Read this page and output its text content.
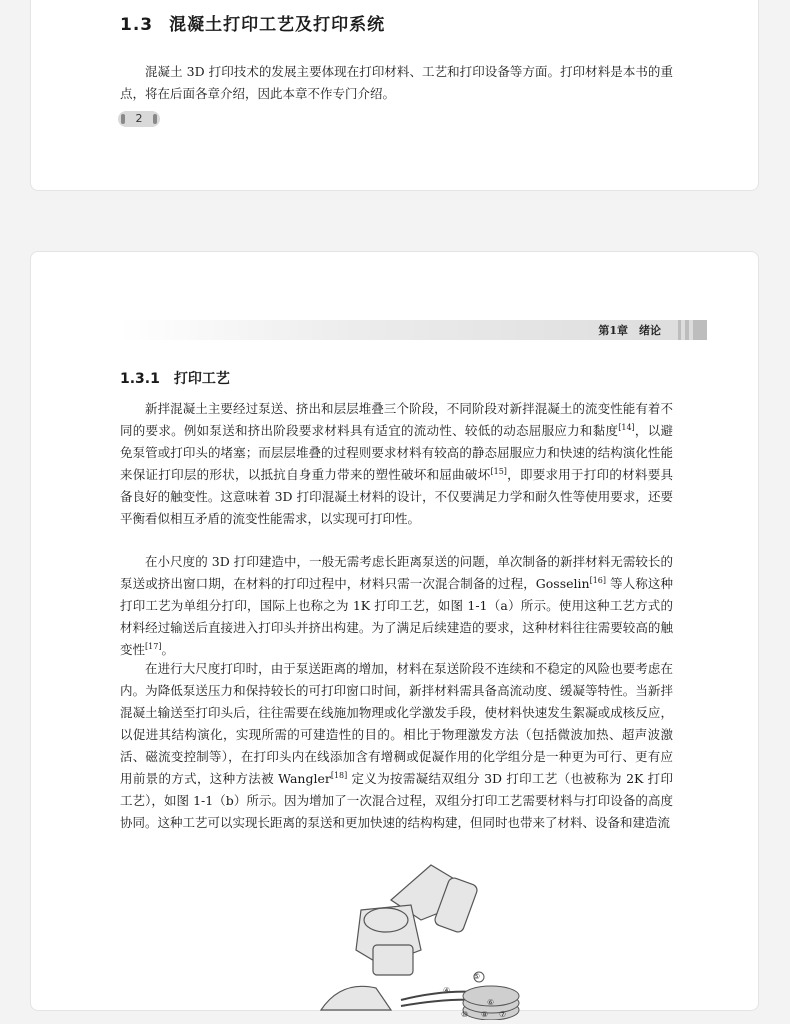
1.3 混凝土打印工艺及打印系统

混凝土 3D 打印技术的发展主要体现在打印材料、工艺和打印设备等方面。打印材料是本书的重点，将在后面各章介绍，因此本章不作专门介绍。

2
第1章　绪论
1.3.1 打印工艺

新拌混凝土主要经过泵送、挤出和层层堆叠三个阶段，不同阶段对新拌混凝土的流变性能有着不同的要求。例如泵送和挤出阶段要求材料具有适宜的流动性、较低的动态屈服应力和黏度[14]，以避免泵管或打印头的堵塞；而层层堆叠的过程则要求材料有较高的静态屈服应力和快速的结构演化性能来保证打印层的形状，以抵抗自身重力带来的塑性破坏和屈曲破坏[15]，即要求用于打印的材料要具备良好的触变性。这意味着 3D 打印混凝土材料的设计，不仅要满足力学和耐久性等使用要求，还要平衡看似相互矛盾的流变性能需求，以实现可打印性。

在小尺度的 3D 打印建造中，一般无需考虑长距离泵送的问题，单次制备的新拌材料无需较长的泵送或挤出窗口期，在材料的打印过程中，材料只需一次混合制备的过程，Gosselin[16] 等人称这种打印工艺为单组分打印，国际上也称之为 1K 打印工艺，如图 1-1（a）所示。使用这种工艺方式的材料经过输送后直接进入打印头并挤出构建。为了满足后续建造的要求，这种材料往往需要较高的触变性[17]。

在进行大尺度打印时，由于泵送距离的增加，材料在泵送阶段不连续和不稳定的风险也要考虑在内。为降低泵送压力和保持较长的可打印窗口时间，新拌材料需具备高流动度、缓凝等特性。当新拌混凝土输送至打印头后，往往需要在线施加物理或化学激发手段，使材料快速发生絮凝或成核反应，以促进其结构演化，实现所需的可建造性的目的。相比于物理激发方法（包括微波加热、超声波激活、磁流变控制等），在打印头内在线添加含有增稠或促凝作用的化学组分是一种更为可行、更有应用前景的方式，这种方法被 Wangler[18] 定义为按需凝结双组分 3D 打印工艺（也被称为 2K 打印工艺），如图 1-1（b）所示。因为增加了一次混合过程，双组分打印工艺需要材料与打印设备的高度协同。这种工艺可以实现长距离的泵送和更加快速的结构构建，但同时也带来了材料、设备和建造流

④
⑤
⑥
⑩ ⑧ ⑦
